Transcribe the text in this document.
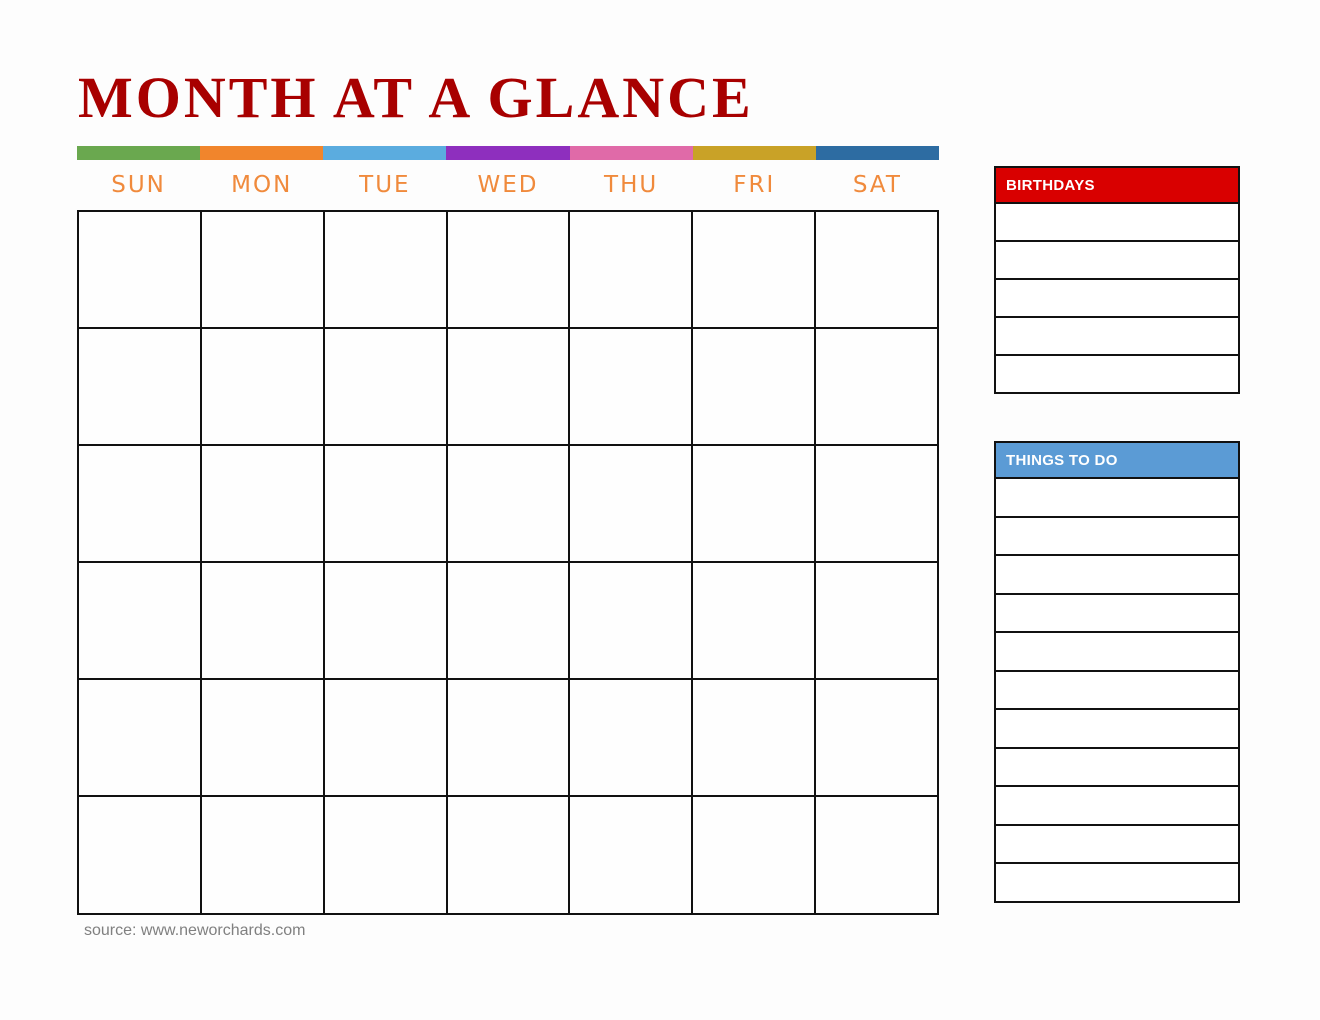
MONTH AT A GLANCE
SUN	MON	TUE	WED	THU	FRI	SAT
source: www.neworchards.com
BIRTHDAYS
THINGS TO DO
